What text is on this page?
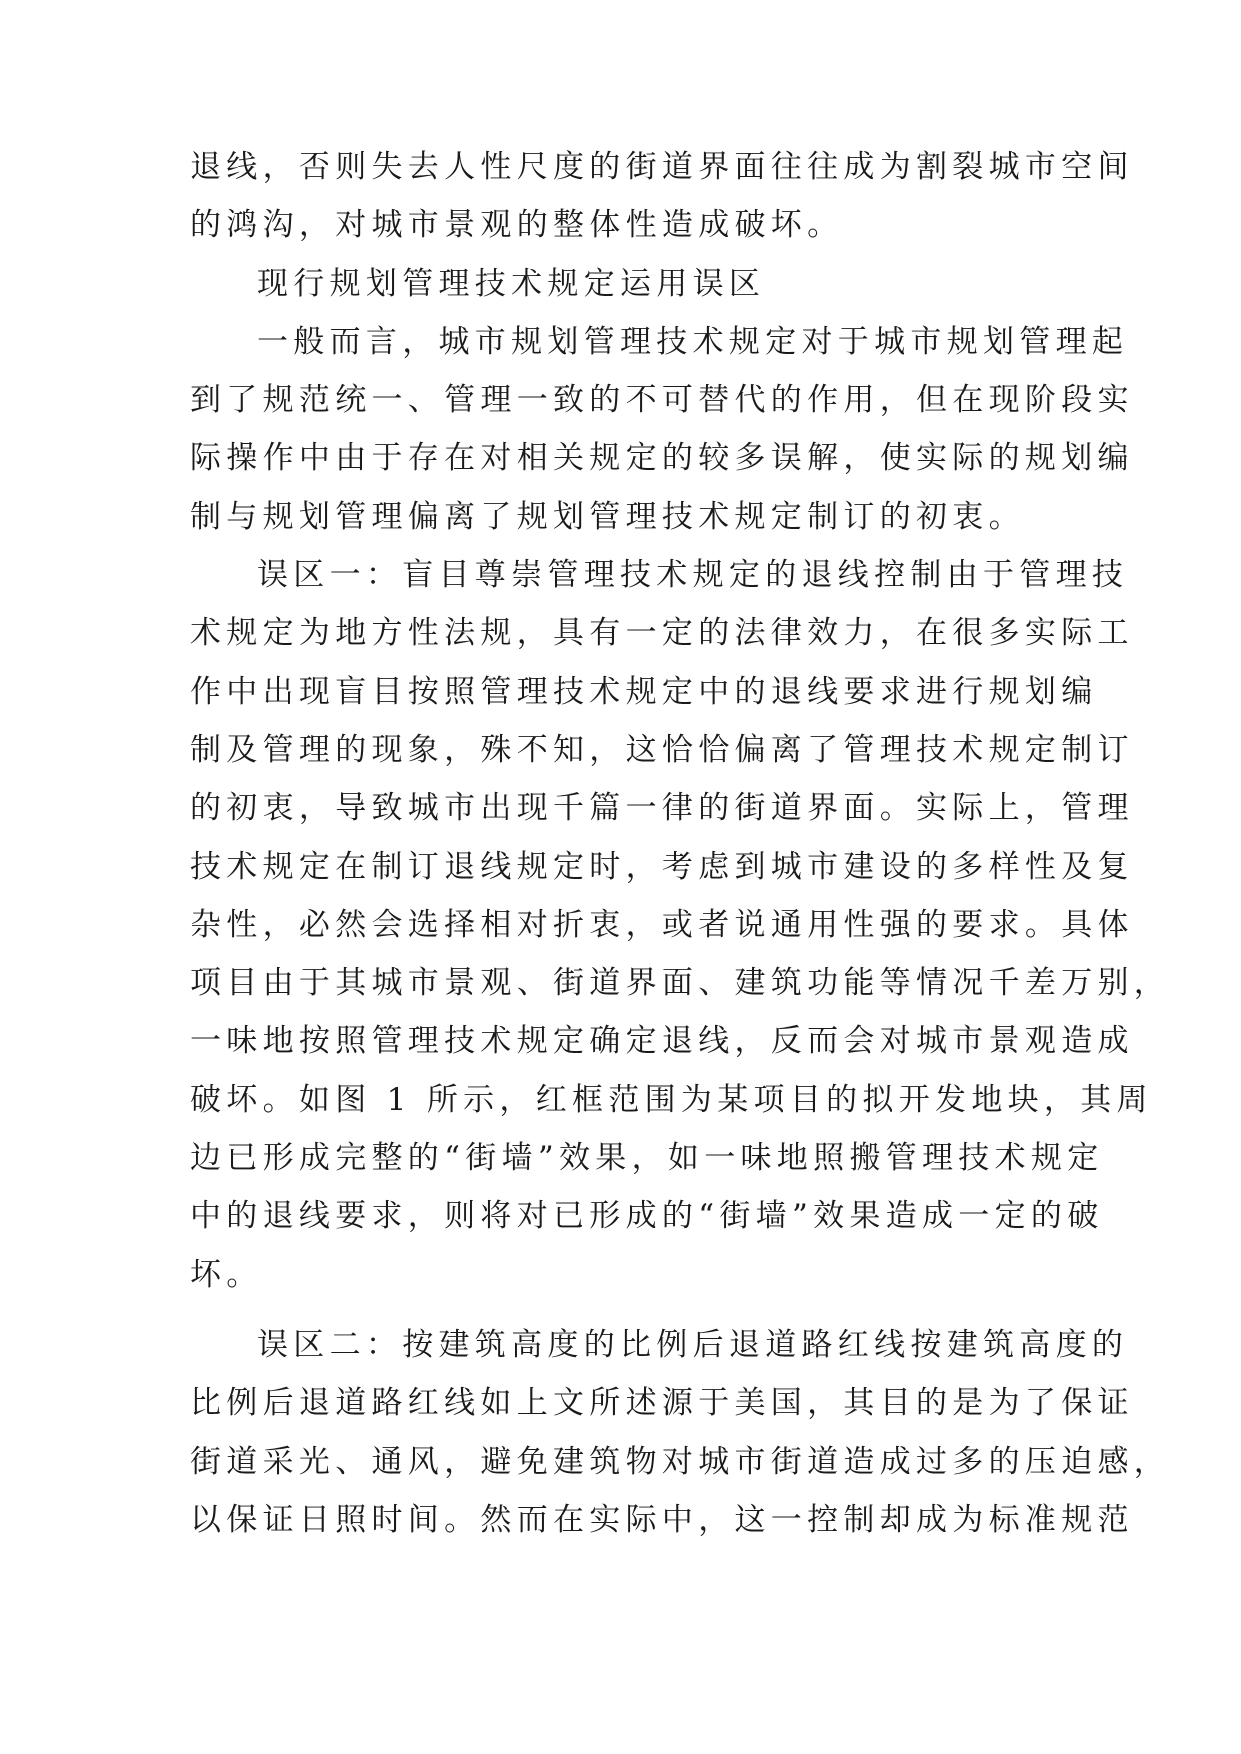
退线，否则失去人性尺度的街道界面往往成为割裂城市空间
的鸿沟，对城市景观的整体性造成破坏。
现行规划管理技术规定运用误区
一般而言，城市规划管理技术规定对于城市规划管理起
到了规范统一、管理一致的不可替代的作用，但在现阶段实
际操作中由于存在对相关规定的较多误解，使实际的规划编
制与规划管理偏离了规划管理技术规定制订的初衷。
误区一：盲目尊崇管理技术规定的退线控制由于管理技
术规定为地方性法规，具有一定的法律效力，在很多实际工
作中出现盲目按照管理技术规定中的退线要求进行规划编
制及管理的现象，殊不知，这恰恰偏离了管理技术规定制订
的初衷，导致城市出现千篇一律的街道界面。实际上，管理
技术规定在制订退线规定时，考虑到城市建设的多样性及复
杂性，必然会选择相对折衷，或者说通用性强的要求。具体
项目由于其城市景观、街道界面、建筑功能等情况千差万别，
一味地按照管理技术规定确定退线，反而会对城市景观造成
破坏。如图 1 所示，红框范围为某项目的拟开发地块，其周
边已形成完整的“街墙”效果，如一味地照搬管理技术规定
中的退线要求，则将对已形成的“街墙”效果造成一定的破
坏。
误区二：按建筑高度的比例后退道路红线按建筑高度的
比例后退道路红线如上文所述源于美国，其目的是为了保证
街道采光、通风，避免建筑物对城市街道造成过多的压迫感，
以保证日照时间。然而在实际中，这一控制却成为标准规范
